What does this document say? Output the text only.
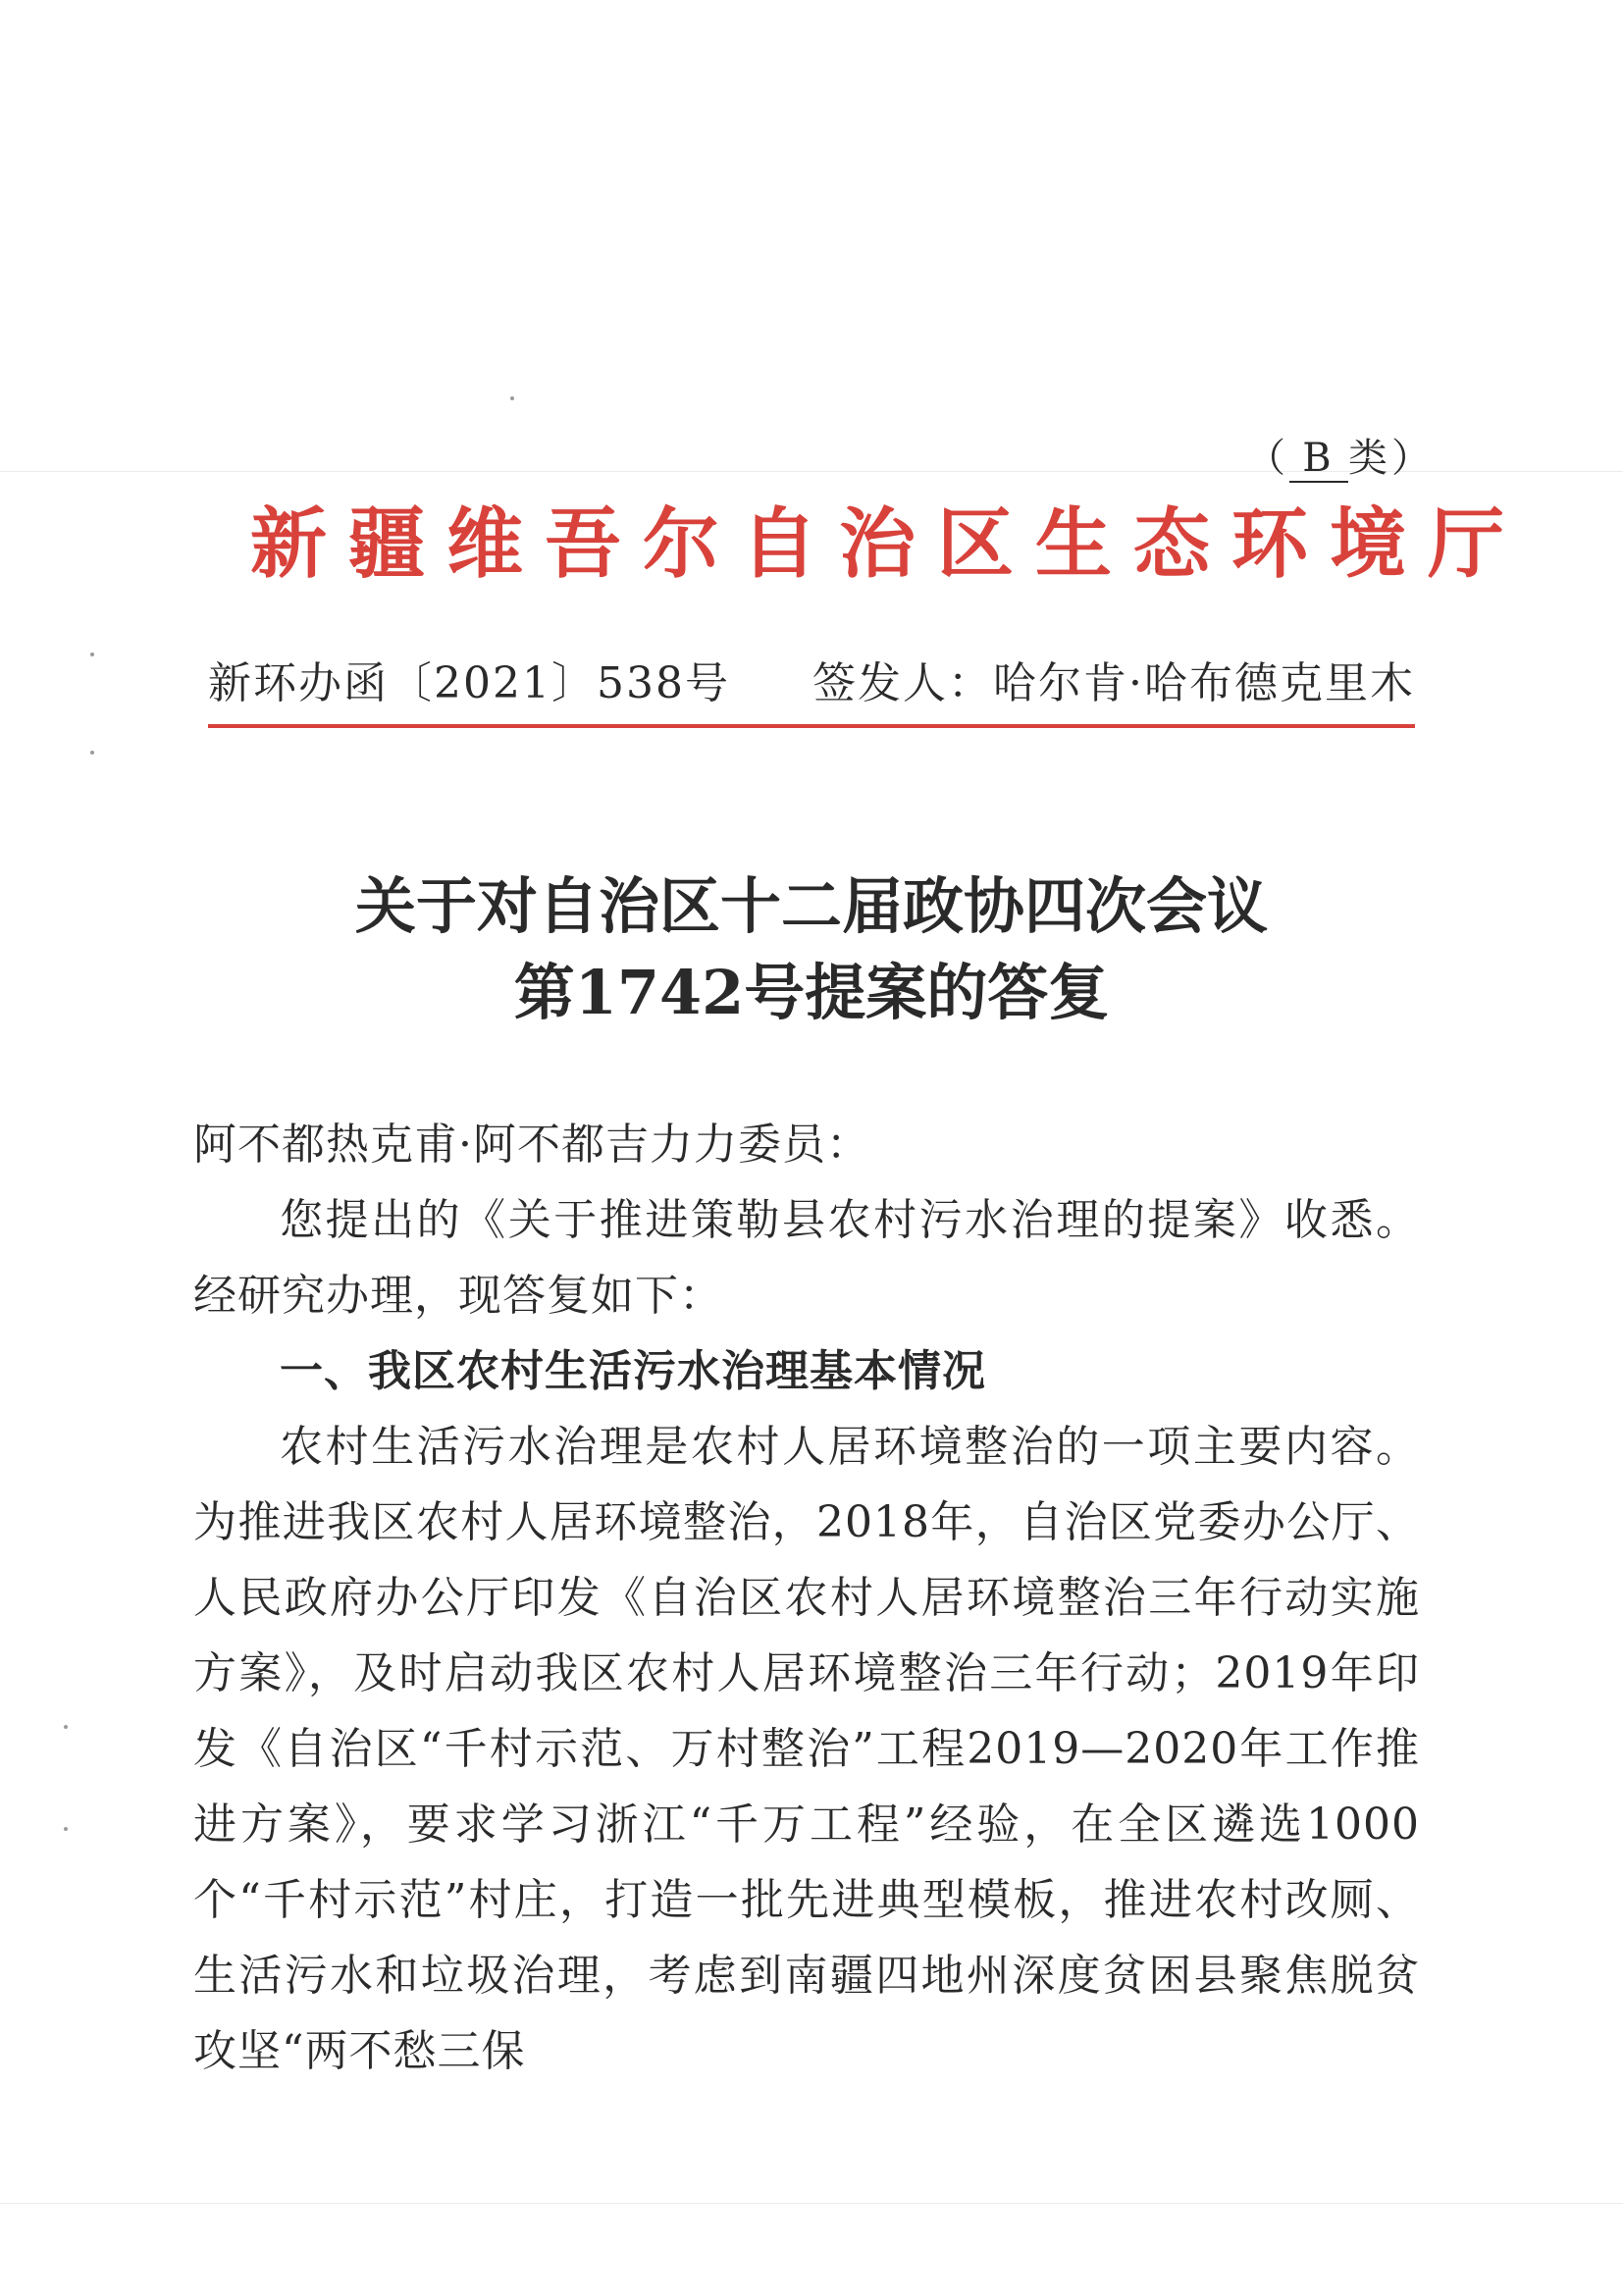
（ B 类）
新疆维吾尔自治区生态环境厅
新环办函〔2021〕538号 签发人：哈尔肯·哈布德克里木
关于对自治区十二届政协四次会议
第1742号提案的答复

阿不都热克甫·阿不都吉力力委员：

您提出的《关于推进策勒县农村污水治理的提案》收悉。经研究办理，现答复如下：

一、我区农村生活污水治理基本情况

农村生活污水治理是农村人居环境整治的一项主要内容。为推进我区农村人居环境整治，2018年，自治区党委办公厅、人民政府办公厅印发《自治区农村人居环境整治三年行动实施方案》，及时启动我区农村人居环境整治三年行动；2019年印发《自治区“千村示范、万村整治”工程2019—2020年工作推进方案》，要求学习浙江“千万工程”经验，在全区遴选1000个“千村示范”村庄，打造一批先进典型模板，推进农村改厕、生活污水和垃圾治理，考虑到南疆四地州深度贫困县聚焦脱贫攻坚“两不愁三保
